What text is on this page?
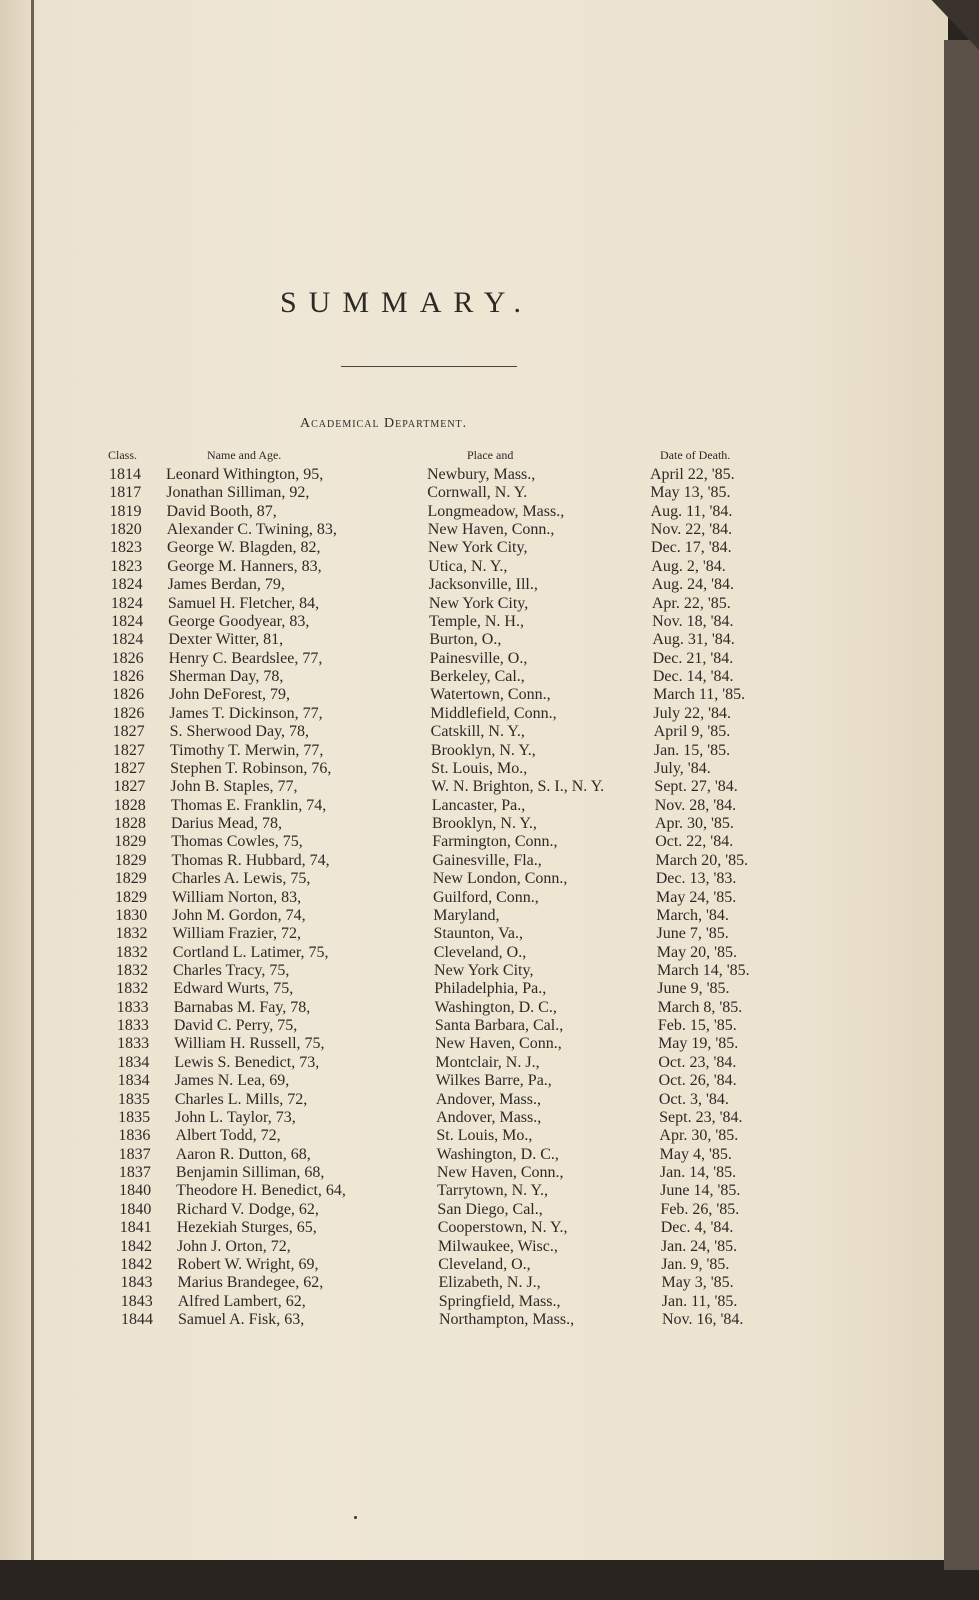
SUMMARY.
Academical Department.
Class.	Name and Age.	Place and	Date of Death.
1814 Leonard Withington, 95,	Newbury, Mass.,	April 22, '85.
1817 Jonathan Silliman, 92,	Cornwall, N. Y.	May 13, '85.
1819 David Booth, 87,	Longmeadow, Mass.,	Aug. 11, '84.
1820 Alexander C. Twining, 83,	New Haven, Conn.,	Nov. 22, '84.
1823 George W. Blagden, 82,	New York City,	Dec. 17, '84.
1823 George M. Hanners, 83,	Utica, N. Y.,	Aug. 2, '84.
1824 James Berdan, 79,	Jacksonville, Ill.,	Aug. 24, '84.
1824 Samuel H. Fletcher, 84,	New York City,	Apr. 22, '85.
1824 George Goodyear, 83,	Temple, N. H.,	Nov. 18, '84.
1824 Dexter Witter, 81,	Burton, O.,	Aug. 31, '84.
1826 Henry C. Beardslee, 77,	Painesville, O.,	Dec. 21, '84.
1826 Sherman Day, 78,	Berkeley, Cal.,	Dec. 14, '84.
1826 John DeForest, 79,	Watertown, Conn.,	March 11, '85.
1826 James T. Dickinson, 77,	Middlefield, Conn.,	July 22, '84.
1827 S. Sherwood Day, 78,	Catskill, N. Y.,	April 9, '85.
1827 Timothy T. Merwin, 77,	Brooklyn, N. Y.,	Jan. 15, '85.
1827 Stephen T. Robinson, 76,	St. Louis, Mo.,	July, '84.
1827 John B. Staples, 77,	W. N. Brighton, S. I., N. Y.	Sept. 27, '84.
1828 Thomas E. Franklin, 74,	Lancaster, Pa.,	Nov. 28, '84.
1828 Darius Mead, 78,	Brooklyn, N. Y.,	Apr. 30, '85.
1829 Thomas Cowles, 75,	Farmington, Conn.,	Oct. 22, '84.
1829 Thomas R. Hubbard, 74,	Gainesville, Fla.,	March 20, '85.
1829 Charles A. Lewis, 75,	New London, Conn.,	Dec. 13, '83.
1829 William Norton, 83,	Guilford, Conn.,	May 24, '85.
1830 John M. Gordon, 74,	Maryland,	March, '84.
1832 William Frazier, 72,	Staunton, Va.,	June 7, '85.
1832 Cortland L. Latimer, 75,	Cleveland, O.,	May 20, '85.
1832 Charles Tracy, 75,	New York City,	March 14, '85.
1832 Edward Wurts, 75,	Philadelphia, Pa.,	June 9, '85.
1833 Barnabas M. Fay, 78,	Washington, D. C.,	March 8, '85.
1833 David C. Perry, 75,	Santa Barbara, Cal.,	Feb. 15, '85.
1833 William H. Russell, 75,	New Haven, Conn.,	May 19, '85.
1834 Lewis S. Benedict, 73,	Montclair, N. J.,	Oct. 23, '84.
1834 James N. Lea, 69,	Wilkes Barre, Pa.,	Oct. 26, '84.
1835 Charles L. Mills, 72,	Andover, Mass.,	Oct. 3, '84.
1835 John L. Taylor, 73,	Andover, Mass.,	Sept. 23, '84.
1836 Albert Todd, 72,	St. Louis, Mo.,	Apr. 30, '85.
1837 Aaron R. Dutton, 68,	Washington, D. C.,	May 4, '85.
1837 Benjamin Silliman, 68,	New Haven, Conn.,	Jan. 14, '85.
1840 Theodore H. Benedict, 64,	Tarrytown, N. Y.,	June 14, '85.
1840 Richard V. Dodge, 62,	San Diego, Cal.,	Feb. 26, '85.
1841 Hezekiah Sturges, 65,	Cooperstown, N. Y.,	Dec. 4, '84.
1842 John J. Orton, 72,	Milwaukee, Wisc.,	Jan. 24, '85.
1842 Robert W. Wright, 69,	Cleveland, O.,	Jan. 9, '85.
1843 Marius Brandegee, 62,	Elizabeth, N. J.,	May 3, '85.
1843 Alfred Lambert, 62,	Springfield, Mass.,	Jan. 11, '85.
1844 Samuel A. Fisk, 63,	Northampton, Mass.,	Nov. 16, '84.
